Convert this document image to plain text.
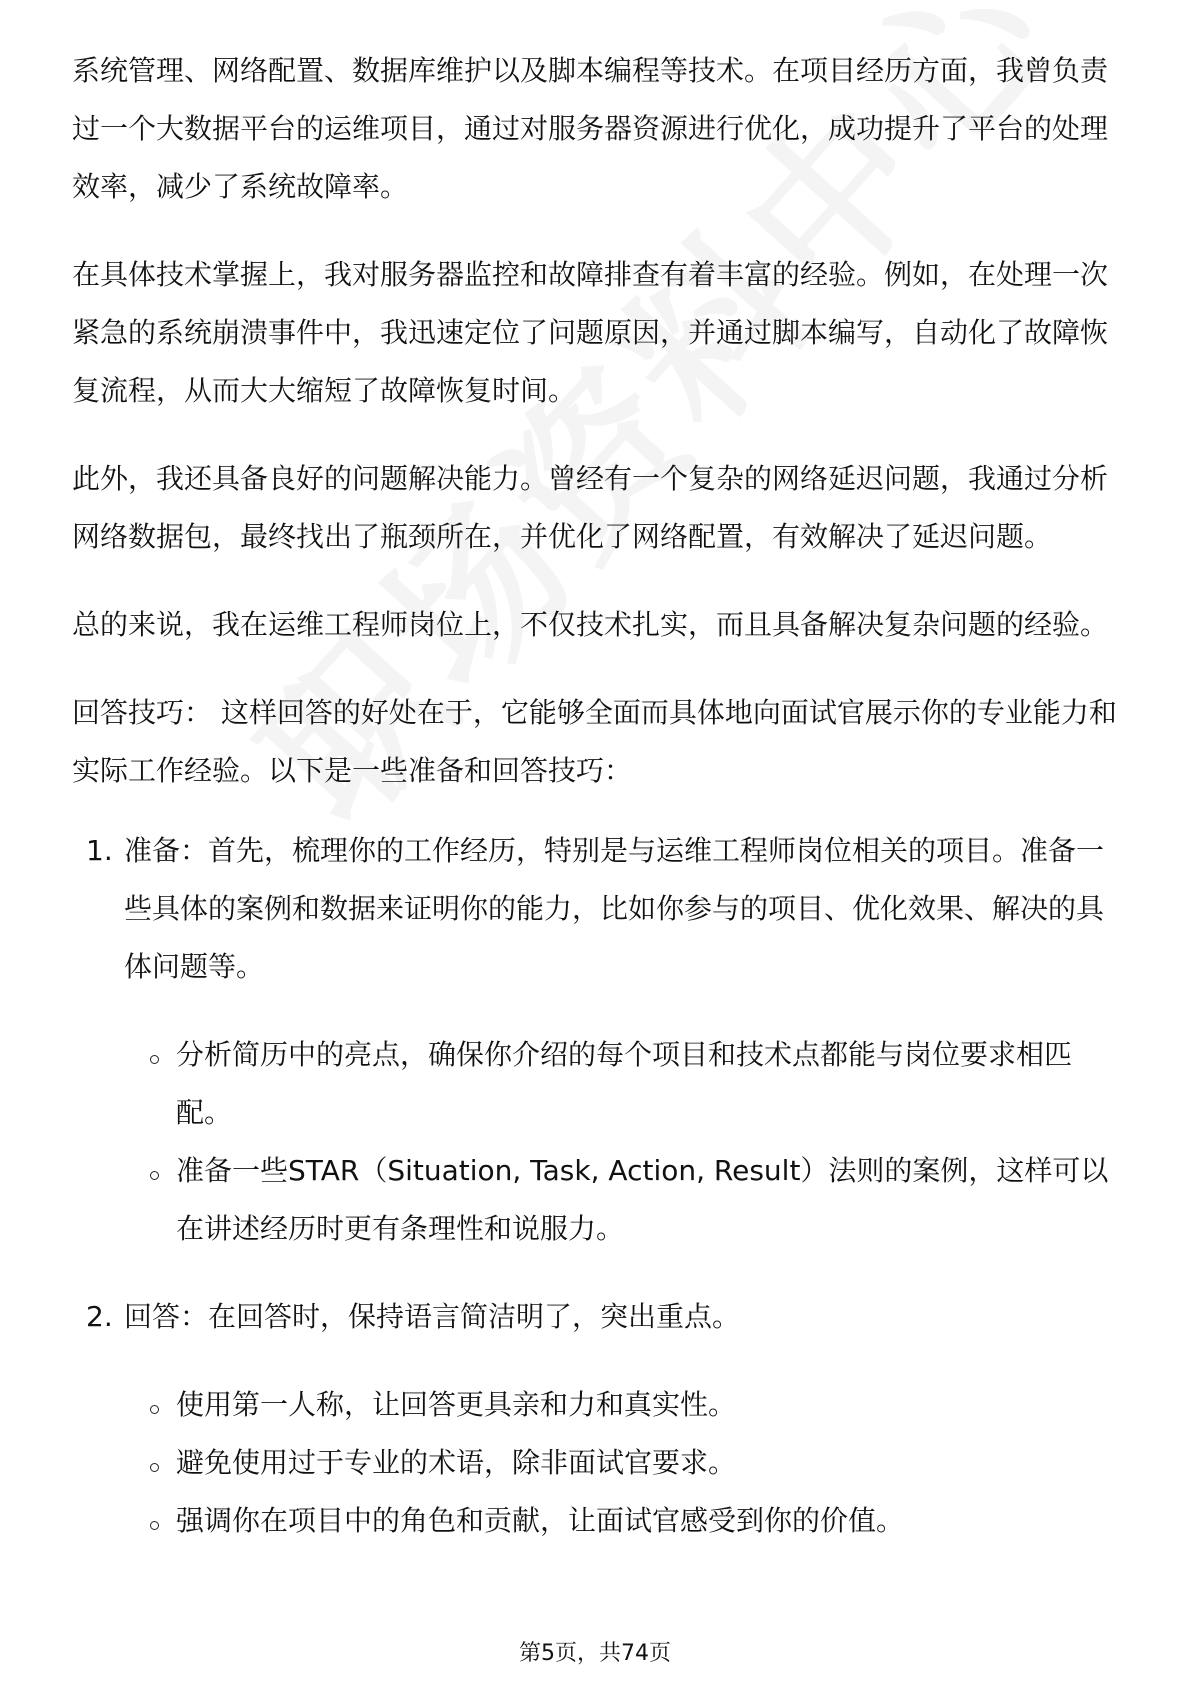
系统管理、网络配置、数据库维护以及脚本编程等技术。在项目经历方面，我曾负责过一个大数据平台的运维项目，通过对服务器资源进行优化，成功提升了平台的处理效率，减少了系统故障率。

在具体技术掌握上，我对服务器监控和故障排查有着丰富的经验。例如，在处理一次紧急的系统崩溃事件中，我迅速定位了问题原因，并通过脚本编写，自动化了故障恢复流程，从而大大缩短了故障恢复时间。

此外，我还具备良好的问题解决能力。曾经有一个复杂的网络延迟问题，我通过分析网络数据包，最终找出了瓶颈所在，并优化了网络配置，有效解决了延迟问题。

总的来说，我在运维工程师岗位上，不仅技术扎实，而且具备解决复杂问题的经验。

回答技巧： 这样回答的好处在于，它能够全面而具体地向面试官展示你的专业能力和实际工作经验。以下是一些准备和回答技巧：

1. 准备：首先，梳理你的工作经历，特别是与运维工程师岗位相关的项目。准备一些具体的案例和数据来证明你的能力，比如你参与的项目、优化效果、解决的具体问题等。

分析简历中的亮点，确保你介绍的每个项目和技术点都能与岗位要求相匹配。
准备一些STAR（Situation, Task, Action, Result）法则的案例，这样可以在讲述经历时更有条理性和说服力。
2. 回答：在回答时，保持语言简洁明了，突出重点。

使用第一人称，让回答更具亲和力和真实性。
避免使用过于专业的术语，除非面试官要求。
强调你在项目中的角色和贡献，让面试官感受到你的价值。
第5页，共74页
